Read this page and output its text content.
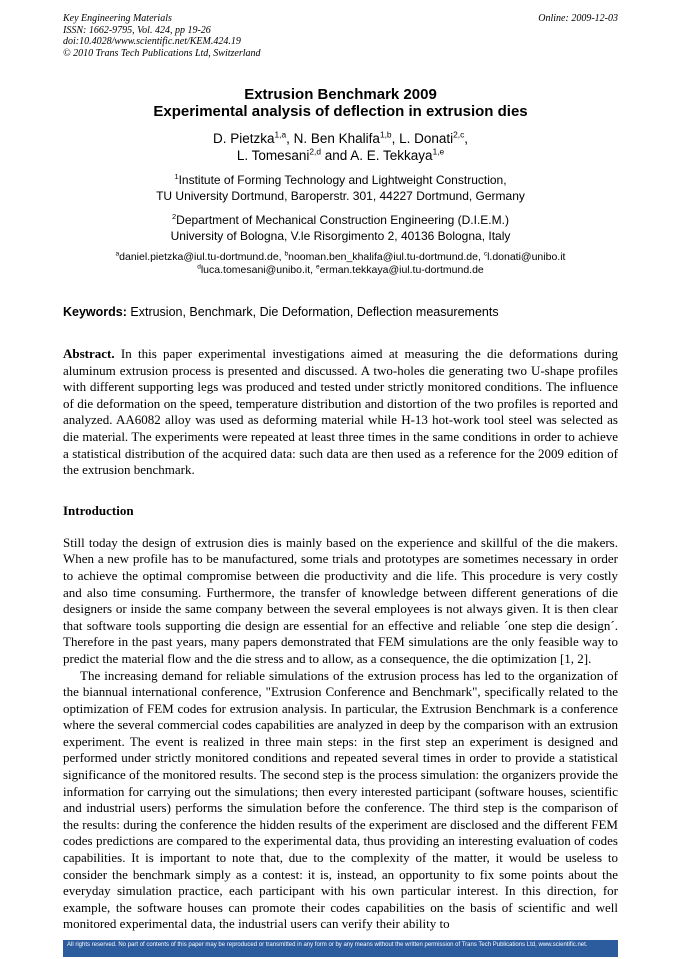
Key Engineering Materials
ISSN: 1662-9795, Vol. 424, pp 19-26
doi:10.4028/www.scientific.net/KEM.424.19
© 2010 Trans Tech Publications Ltd, Switzerland
Online: 2009-12-03
Extrusion Benchmark 2009
Experimental analysis of deflection in extrusion dies
D. Pietzka$^{1,a}$, N. Ben Khalifa$^{1,b}$, L. Donati$^{2,c}$,
L. Tomesani$^{2,d}$ and A. E. Tekkaya$^{1,e}$
$^1$Institute of Forming Technology and Lightweight Construction,
TU University Dortmund, Baroperstr. 301, 44227 Dortmund, Germany
$^2$Department of Mechanical Construction Engineering (D.I.E.M.)
University of Bologna, V.le Risorgimento 2, 40136 Bologna, Italy
$^a$daniel.pietzka@iul.tu-dortmund.de, $^b$nooman.ben_khalifa@iul.tu-dortmund.de, $^c$l.donati@unibo.it
$^d$luca.tomesani@unibo.it, $^e$erman.tekkaya@iul.tu-dortmund.de
Keywords: Extrusion, Benchmark, Die Deformation, Deflection measurements
Abstract. In this paper experimental investigations aimed at measuring the die deformations during aluminum extrusion process is presented and discussed. A two-holes die generating two U-shape profiles with different supporting legs was produced and tested under strictly monitored conditions. The influence of die deformation on the speed, temperature distribution and distortion of the two profiles is reported and analyzed. AA6082 alloy was used as deforming material while H-13 hot-work tool steel was selected as die material. The experiments were repeated at least three times in the same conditions in order to achieve a statistical distribution of the acquired data: such data are then used as a reference for the 2009 edition of the extrusion benchmark.
Introduction
Still today the design of extrusion dies is mainly based on the experience and skillful of the die makers. When a new profile has to be manufactured, some trials and prototypes are sometimes necessary in order to achieve the optimal compromise between die productivity and die life. This procedure is very costly and also time consuming. Furthermore, the transfer of knowledge between different generations of die designers or inside the same company between the several employees is not always given. It is then clear that software tools supporting die design are essential for an effective and reliable ´one step die design´. Therefore in the past years, many papers demonstrated that FEM simulations are the only feasible way to predict the material flow and the die stress and to allow, as a consequence, the die optimization [1, 2].
The increasing demand for reliable simulations of the extrusion process has led to the organization of the biannual international conference, "Extrusion Conference and Benchmark", specifically related to the optimization of FEM codes for extrusion analysis. In particular, the Extrusion Benchmark is a conference where the several commercial codes capabilities are analyzed in deep by the comparison with an extrusion experiment. The event is realized in three main steps: in the first step an experiment is designed and performed under strictly monitored conditions and repeated several times in order to provide a statistical significance of the monitored results. The second step is the process simulation: the organizers provide the information for carrying out the simulations; then every interested participant (software houses, scientific and industrial users) performs the simulation before the conference. The third step is the comparison of the results: during the conference the hidden results of the experiment are disclosed and the different FEM codes predictions are compared to the experimental data, thus providing an interesting evaluation of codes capabilities. It is important to note that, due to the complexity of the matter, it would be useless to consider the benchmark simply as a contest: it is, instead, an opportunity to fix some points about the everyday simulation practice, each participant with his own particular interest. In this direction, for example, the software houses can promote their codes capabilities on the basis of scientific and well monitored experimental data, the industrial users can verify their ability to
All rights reserved. No part of contents of this paper may be reproduced or transmitted in any form or by any means without the written permission of Trans Tech Publications Ltd, www.scientific.net.
